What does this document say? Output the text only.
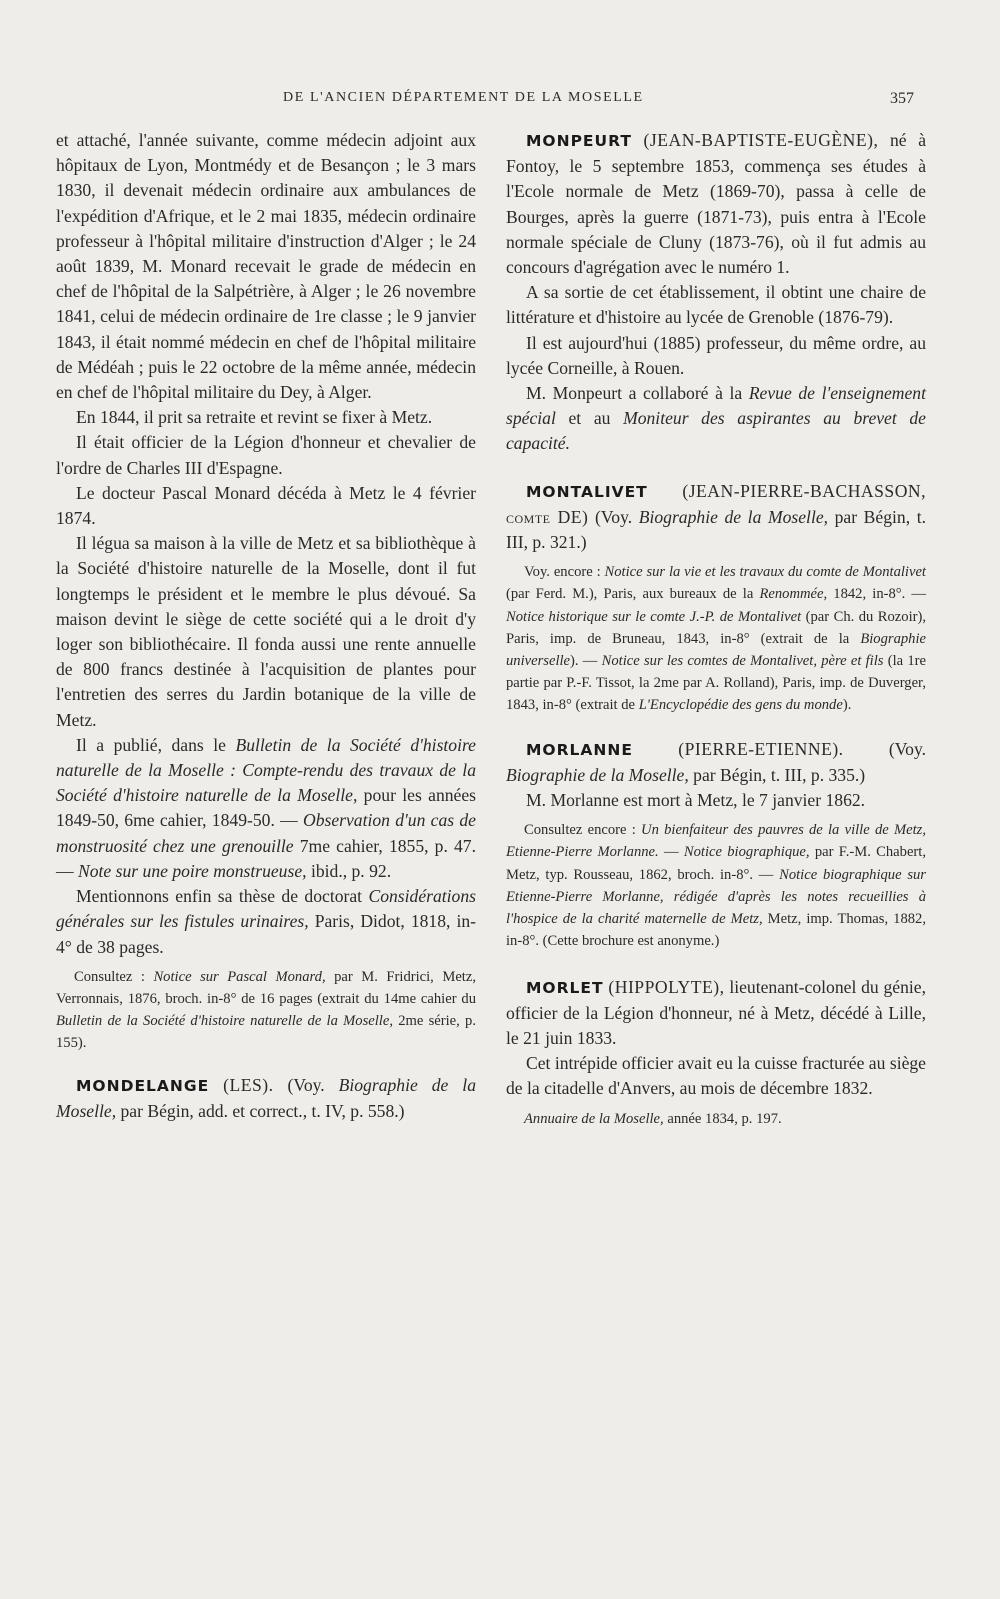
DE L'ANCIEN DÉPARTEMENT DE LA MOSELLE	357

et attaché, l'année suivante, comme médecin adjoint aux hôpitaux de Lyon, Montmédy et de Besançon ; le 3 mars 1830, il devenait médecin ordinaire aux ambulances de l'expédition d'Afrique, et le 2 mai 1835, médecin ordinaire professeur à l'hôpital militaire d'instruction d'Alger ; le 24 août 1839, M. Monard recevait le grade de médecin en chef de l'hôpital de la Salpétrière, à Alger ; le 26 novembre 1841, celui de médecin ordinaire de 1re classe ; le 9 janvier 1843, il était nommé médecin en chef de l'hôpital militaire de Médéah ; puis le 22 octobre de la même année, médecin en chef de l'hôpital militaire du Dey, à Alger.

En 1844, il prit sa retraite et revint se fixer à Metz.

Il était officier de la Légion d'honneur et chevalier de l'ordre de Charles III d'Espagne.

Le docteur Pascal Monard décéda à Metz le 4 février 1874.

Il légua sa maison à la ville de Metz et sa bibliothèque à la Société d'histoire naturelle de la Moselle, dont il fut longtemps le président et le membre le plus dévoué. Sa maison devint le siège de cette société qui a le droit d'y loger son bibliothécaire. Il fonda aussi une rente annuelle de 800 francs destinée à l'acquisition de plantes pour l'entretien des serres du Jardin botanique de la ville de Metz.

Il a publié, dans le Bulletin de la Société d'histoire naturelle de la Moselle : Compte-rendu des travaux de la Société d'histoire naturelle de la Moselle, pour les années 1849-50, 6me cahier, 1849-50. — Observation d'un cas de monstruosité chez une grenouille 7me cahier, 1855, p. 47. — Note sur une poire monstrueuse, ibid., p. 92.

Mentionnons enfin sa thèse de doctorat Considérations générales sur les fistules urinaires, Paris, Didot, 1818, in-4° de 38 pages.

Consultez : Notice sur Pascal Monard, par M. Fridrici, Metz, Verronnais, 1876, broch. in-8° de 16 pages (extrait du 14me cahier du Bulletin de la Société d'histoire naturelle de la Moselle, 2me série, p. 155).

MONDELANGE (LES). (Voy. Biographie de la Moselle, par Bégin, add. et correct., t. IV, p. 558.)

MONPEURT (JEAN-BAPTISTE-EUGÈNE), né à Fontoy, le 5 septembre 1853, commença ses études à l'Ecole normale de Metz (1869-70), passa à celle de Bourges, après la guerre (1871-73), puis entra à l'Ecole normale spéciale de Cluny (1873-76), où il fut admis au concours d'agrégation avec le numéro 1.

A sa sortie de cet établissement, il obtint une chaire de littérature et d'histoire au lycée de Grenoble (1876-79).

Il est aujourd'hui (1885) professeur, du même ordre, au lycée Corneille, à Rouen.

M. Monpeurt a collaboré à la Revue de l'enseignement spécial et au Moniteur des aspirantes au brevet de capacité.

MONTALIVET (JEAN-PIERRE-BACHASSON, comte DE) (Voy. Biographie de la Moselle, par Bégin, t. III, p. 321.)

Voy. encore : Notice sur la vie et les travaux du comte de Montalivet (par Ferd. M.), Paris, aux bureaux de la Renommée, 1842, in-8°. — Notice historique sur le comte J.-P. de Montalivet (par Ch. du Rozoir), Paris, imp. de Bruneau, 1843, in-8° (extrait de la Biographie universelle). — Notice sur les comtes de Montalivet, père et fils (la 1re partie par P.-F. Tissot, la 2me par A. Rolland), Paris, imp. de Duverger, 1843, in-8° (extrait de L'Encyclopédie des gens du monde).

MORLANNE	(PIERRE-ETIENNE). (Voy. Biographie de la Moselle, par Bégin, t. III, p. 335.)

M. Morlanne est mort à Metz, le 7 janvier 1862.

Consultez encore : Un bienfaiteur des pauvres de la ville de Metz, Etienne-Pierre Morlanne. — Notice biographique, par F.-M. Chabert, Metz, typ. Rousseau, 1862, broch. in-8°. — Notice biographique sur Etienne-Pierre Morlanne, rédigée d'après les notes recueillies à l'hospice de la charité maternelle de Metz, Metz, imp. Thomas, 1882, in-8°. (Cette brochure est anonyme.)

MORLET (HIPPOLYTE), lieutenant-colonel du génie, officier de la Légion d'honneur, né à Metz, décédé à Lille, le 21 juin 1833.

Cet intrépide officier avait eu la cuisse fracturée au siège de la citadelle d'Anvers, au mois de décembre 1832.

Annuaire de la Moselle, année 1834, p. 197.
